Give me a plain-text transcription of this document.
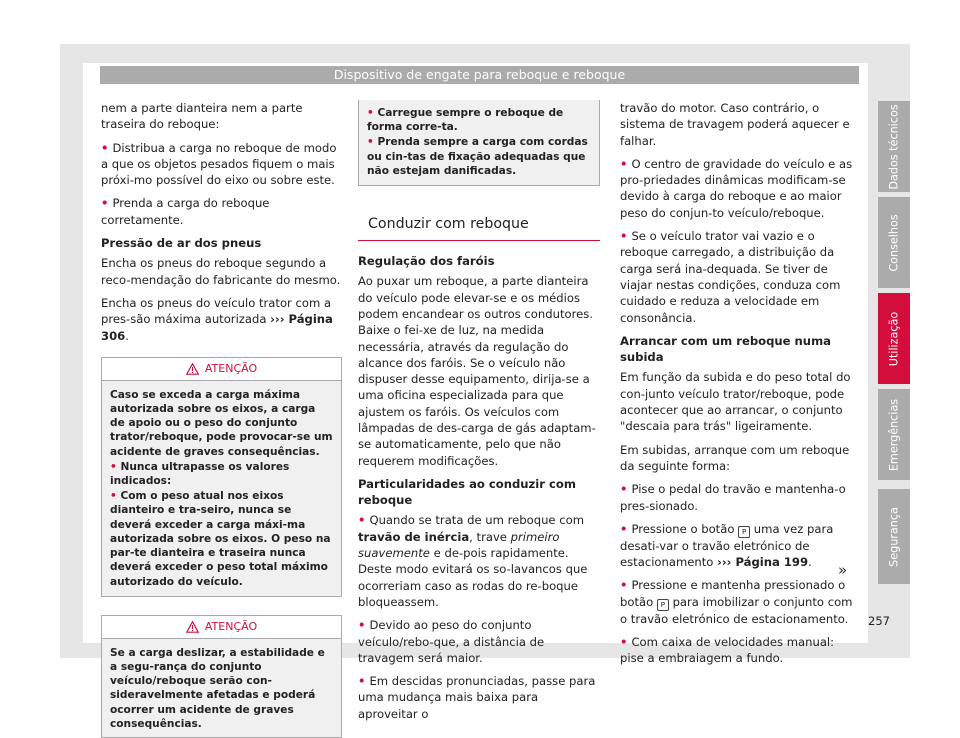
Dispositivo de engate para reboque e reboque

nem a parte dianteira nem a parte traseira do reboque:

• Distribua a carga no reboque de modo a que os objetos pesados fiquem o mais próxi-mo possível do eixo ou sobre este.
• Prenda a carga do reboque corretamente.
Pressão de ar dos pneus

Encha os pneus do reboque segundo a reco-mendação do fabricante do mesmo.

Encha os pneus do veículo trator com a pres-são máxima autorizada ››› Página 306.

ATENÇÃO
Caso se exceda a carga máxima autorizada sobre os eixos, a carga de apoio ou o peso do conjunto trator/reboque, pode provocar-se um acidente de graves consequências.
• Nunca ultrapasse os valores indicados:
• Com o peso atual nos eixos dianteiro e tra-seiro, nunca se deverá exceder a carga máxi-ma autorizada sobre os eixos. O peso na par-te dianteira e traseira nunca deverá exceder o peso total máximo autorizado do veículo.
ATENÇÃO
Se a carga deslizar, a estabilidade e a segu-rança do conjunto veículo/reboque serão con-sideravelmente afetadas e poderá ocorrer um acidente de graves consequências.
• Carregue sempre o reboque de forma corre-ta.
• Prenda sempre a carga com cordas ou cin-tas de fixação adequadas que não estejam danificadas.
Conduzir com reboque
Regulação dos faróis

Ao puxar um reboque, a parte dianteira do veículo pode elevar-se e os médios podem encandear os outros condutores. Baixe o fei-xe de luz, na medida necessária, através da regulação do alcance dos faróis. Se o veículo não dispuser desse equipamento, dirija-se a uma oficina especializada para que ajustem os faróis. Os veículos com lâmpadas de des-carga de gás adaptam-se automaticamente, pelo que não requerem modificações.

Particularidades ao conduzir com reboque
• Quando se trata de um reboque com travão de inércia, trave primeiro suavemente e de-pois rapidamente. Deste modo evitará os so-lavancos que ocorreriam caso as rodas do re-boque bloqueassem.
• Devido ao peso do conjunto veículo/rebo-que, a distância de travagem será maior.
• Em descidas pronunciadas, passe para uma mudança mais baixa para aproveitar o

travão do motor. Caso contrário, o sistema de travagem poderá aquecer e falhar.

• O centro de gravidade do veículo e as pro-priedades dinâmicas modificam-se devido à carga do reboque e ao maior peso do conjun-to veículo/reboque.
• Se o veículo trator vai vazio e o reboque carregado, a distribuição da carga será ina-dequada. Se tiver de viajar nestas condições, conduza com cuidado e reduza a velocidade em consonância.
Arrancar com um reboque numa subida

Em função da subida e do peso total do con-junto veículo trator/reboque, pode acontecer que ao arrancar, o conjunto "descaia para trás" ligeiramente.

Em subidas, arranque com um reboque da seguinte forma:

• Pise o pedal do travão e mantenha-o pres-sionado.
• Pressione o botão P uma vez para desati-var o travão eletrónico de estacionamento ››› Página 199.
• Pressione e mantenha pressionado o botão P para imobilizar o conjunto com o travão eletrónico de estacionamento.
• Com caixa de velocidades manual: pise a embraiagem a fundo.
»
Dados técnicos
Conselhos
Utilização
Emergências
Segurança
257
